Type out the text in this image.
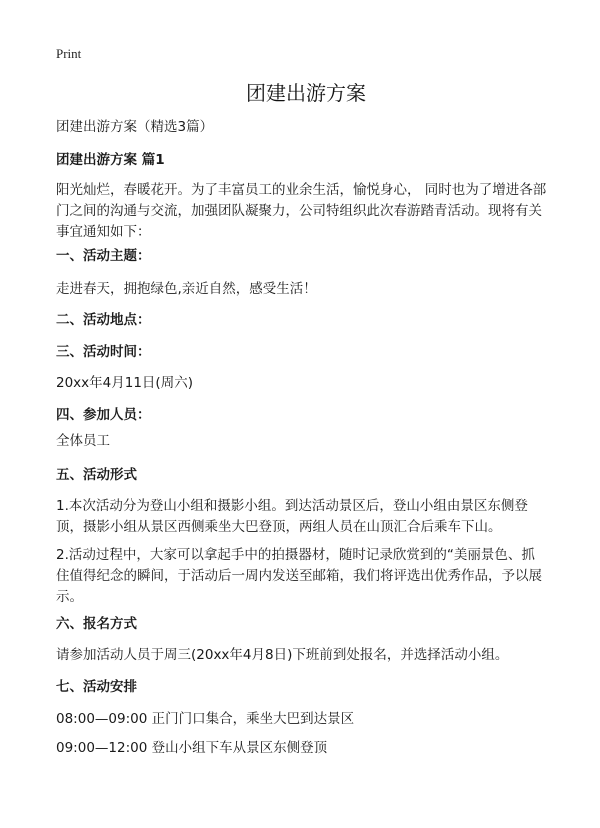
Print
团建出游方案
团建出游方案（精选3篇）
团建出游方案 篇1
阳光灿烂，春暖花开。为了丰富员工的业余生活，愉悦身心， 同时也为了增进各部门之间的沟通与交流，加强团队凝聚力，公司特组织此次春游踏青活动。现将有关事宜通知如下：
一、活动主题：
走进春天，拥抱绿色,亲近自然，感受生活！
二、活动地点：
三、活动时间：
20xx年4月11日(周六)
四、参加人员：
全体员工
五、活动形式
1.本次活动分为登山小组和摄影小组。到达活动景区后，登山小组由景区东侧登顶，摄影小组从景区西侧乘坐大巴登顶，两组人员在山顶汇合后乘车下山。
2.活动过程中，大家可以拿起手中的拍摄器材，随时记录欣赏到的“美丽景色、抓住值得纪念的瞬间，于活动后一周内发送至邮箱，我们将评选出优秀作品，予以展示。
六、报名方式
请参加活动人员于周三(20xx年4月8日)下班前到处报名，并选择活动小组。
七、活动安排
08:00—09:00 正门门口集合，乘坐大巴到达景区
09:00—12:00 登山小组下车从景区东侧登顶
